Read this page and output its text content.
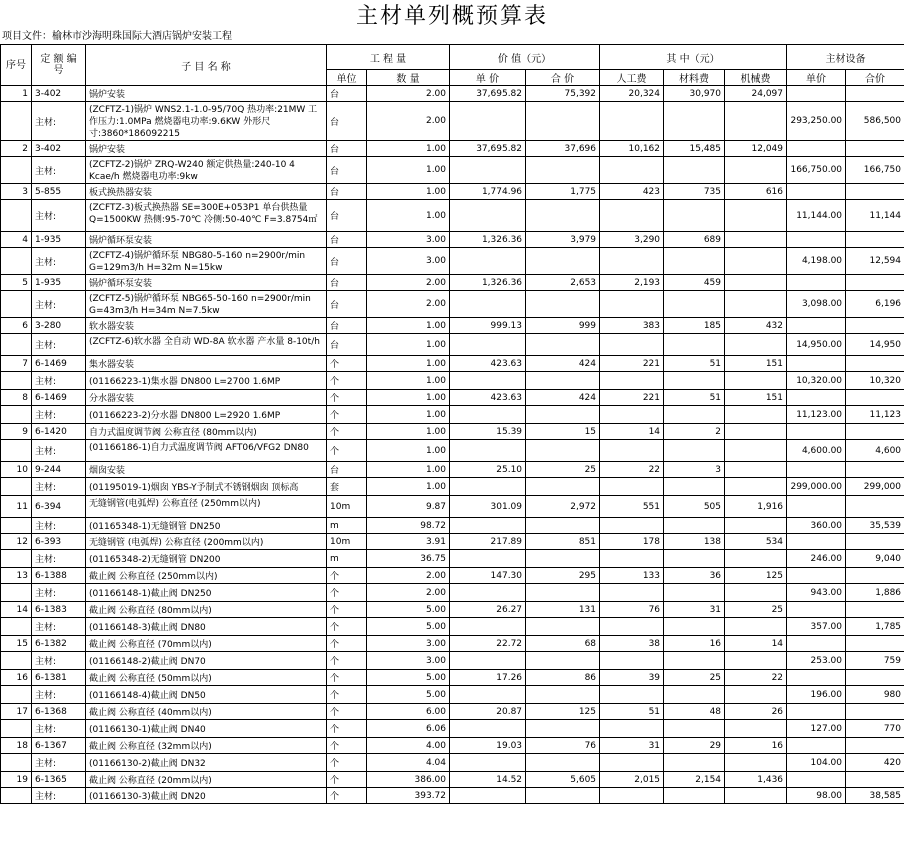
主材单列概预算表
项目文件：榆林市沙海明珠国际大酒店锅炉安装工程
序号	定 额 编 号	子 目 名 称	工 程 量		价 值（元）		其 中（元）			主材设备	
			单位	数 量	单 价	合 价	人工费	材料费	机械费	单价	合价
1	3-402	锅炉安装	台	2.00	37,695.82	75,392	20,324	30,970	24,097		
	主材:	(ZCFTZ-1)锅炉 WNS2.1-1.0-95/70Q 热功率:21MW 工作压力:1.0MPa 燃烧器电功率:9.6KW 外形尺寸:3860*186092215	台	2.00						293,250.00	586,500
2	3-402	锅炉安装	台	1.00	37,695.82	37,696	10,162	15,485	12,049		
	主材:	(ZCFTZ-2)锅炉 ZRQ-W240 额定供热量:240-10 4 Kcae/h 燃烧器电功率:9kw	台	1.00						166,750.00	166,750
3	5-855	板式换热器安装	台	1.00	1,774.96	1,775	423	735	616		
	主材:	(ZCFTZ-3)板式换热器 SE=300E+053P1 单台供热量Q=1500KW 热侧:95-70℃ 冷侧:50-40℃ F=3.8754㎡	台	1.00						11,144.00	11,144
4	1-935	锅炉循环泵安装	台	3.00	1,326.36	3,979	3,290	689			
	主材:	(ZCFTZ-4)锅炉循环泵 NBG80-5-160 n=2900r/min G=129m3/h H=32m N=15kw	台	3.00						4,198.00	12,594
5	1-935	锅炉循环泵安装	台	2.00	1,326.36	2,653	2,193	459			
	主材:	(ZCFTZ-5)锅炉循环泵 NBG65-50-160 n=2900r/min G=43m3/h H=34m N=7.5kw	台	2.00						3,098.00	6,196
6	3-280	软水器安装	台	1.00	999.13	999	383	185	432		
	主材:	(ZCFTZ-6)软水器 全自动 WD-8A 软水器 产水量 8-10t/h	台	1.00						14,950.00	14,950
7	6-1469	集水器安装	个	1.00	423.63	424	221	51	151		
	主材:	(01166223-1)集水器 DN800 L=2700 1.6MP	个	1.00						10,320.00	10,320
8	6-1469	分水器安装	个	1.00	423.63	424	221	51	151		
	主材:	(01166223-2)分水器 DN800 L=2920 1.6MP	个	1.00						11,123.00	11,123
9	6-1420	自力式温度调节阀 公称直径 (80mm以内)	个	1.00	15.39	15	14	2			
	主材:	(01166186-1)自力式温度调节阀 AFT06/VFG2 DN80	个	1.00						4,600.00	4,600
10	9-244	烟囱安装	台	1.00	25.10	25	22	3			
	主材:	(01195019-1)烟囱 YBS-Y予制式不锈钢烟囱 顶标高	套	1.00						299,000.00	299,000
11	6-394	无缝钢管(电弧焊) 公称直径 (250mm以内)	10m	9.87	301.09	2,972	551	505	1,916		
	主材:	(01165348-1)无缝钢管 DN250	m	98.72						360.00	35,539
12	6-393	无缝钢管 (电弧焊) 公称直径 (200mm以内)	10m	3.91	217.89	851	178	138	534		
	主材:	(01165348-2)无缝钢管 DN200	m	36.75						246.00	9,040
13	6-1388	截止阀 公称直径 (250mm以内)	个	2.00	147.30	295	133	36	125		
	主材:	(01166148-1)截止阀 DN250	个	2.00						943.00	1,886
14	6-1383	截止阀 公称直径 (80mm以内)	个	5.00	26.27	131	76	31	25		
	主材:	(01166148-3)截止阀 DN80	个	5.00						357.00	1,785
15	6-1382	截止阀 公称直径 (70mm以内)	个	3.00	22.72	68	38	16	14		
	主材:	(01166148-2)截止阀 DN70	个	3.00						253.00	759
16	6-1381	截止阀 公称直径 (50mm以内)	个	5.00	17.26	86	39	25	22		
	主材:	(01166148-4)截止阀 DN50	个	5.00						196.00	980
17	6-1368	截止阀 公称直径 (40mm以内)	个	6.00	20.87	125	51	48	26		
	主材:	(01166130-1)截止阀 DN40	个	6.06						127.00	770
18	6-1367	截止阀 公称直径 (32mm以内)	个	4.00	19.03	76	31	29	16		
	主材:	(01166130-2)截止阀 DN32	个	4.04						104.00	420
19	6-1365	截止阀 公称直径 (20mm以内)	个	386.00	14.52	5,605	2,015	2,154	1,436		
	主材:	(01166130-3)截止阀 DN20	个	393.72						98.00	38,585
